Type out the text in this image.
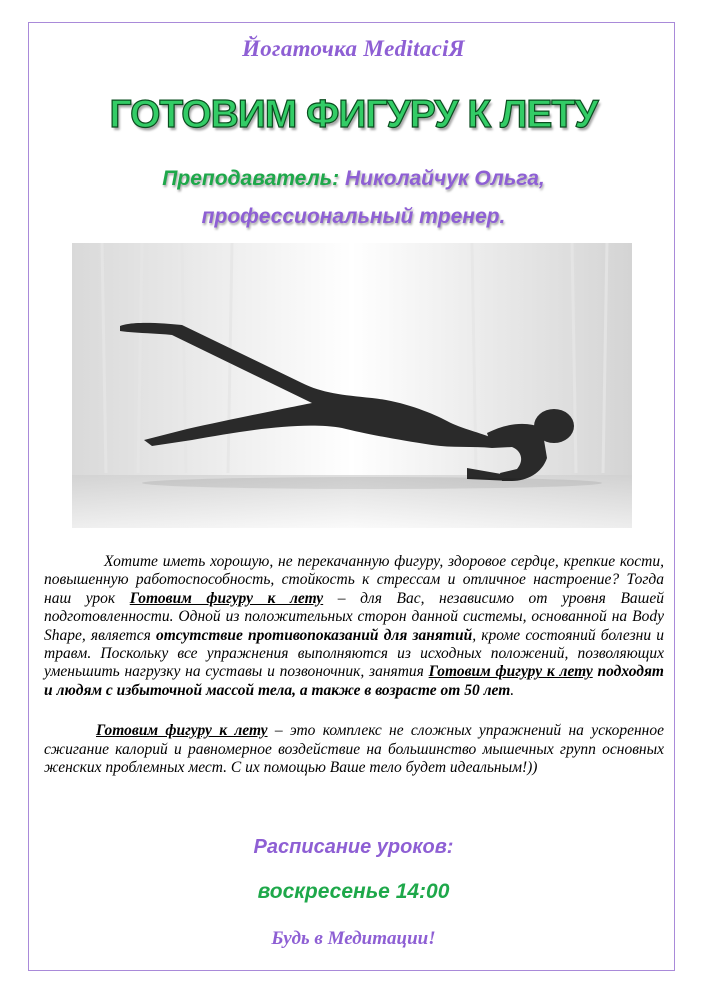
Йогаточка MeditaciЯ
ГОТОВИМ ФИГУРУ К ЛЕТУ
Преподаватель: Николайчук Ольга,
профессиональный тренер.

Хотите иметь хорошую, не перекачанную фигуру, здоровое сердце, крепкие кости, повышенную работоспособность, стойкость к стрессам и отличное настроение? Тогда наш урок Готовим фигуру к лету – для Вас, независимо от уровня Вашей подготовленности. Одной из положительных сторон данной системы, основанной на Body Shape, является отсутствие противопоказаний для занятий, кроме состояний болезни и травм. Поскольку все упражнения выполняются из исходных положений, позволяющих уменьшить нагрузку на суставы и позвоночник, занятия Готовим фигуру к лету подходят и людям с избыточной массой тела, а также в возрасте от 50 лет.

Готовим фигуру к лету – это комплекс не сложных упражнений на ускоренное сжигание калорий и равномерное воздействие на большинство мышечных групп основных женских проблемных мест. С их помощью Ваше тело будет идеальным!))

Расписание уроков:
воскресенье 14:00
Будь в Медитации!
